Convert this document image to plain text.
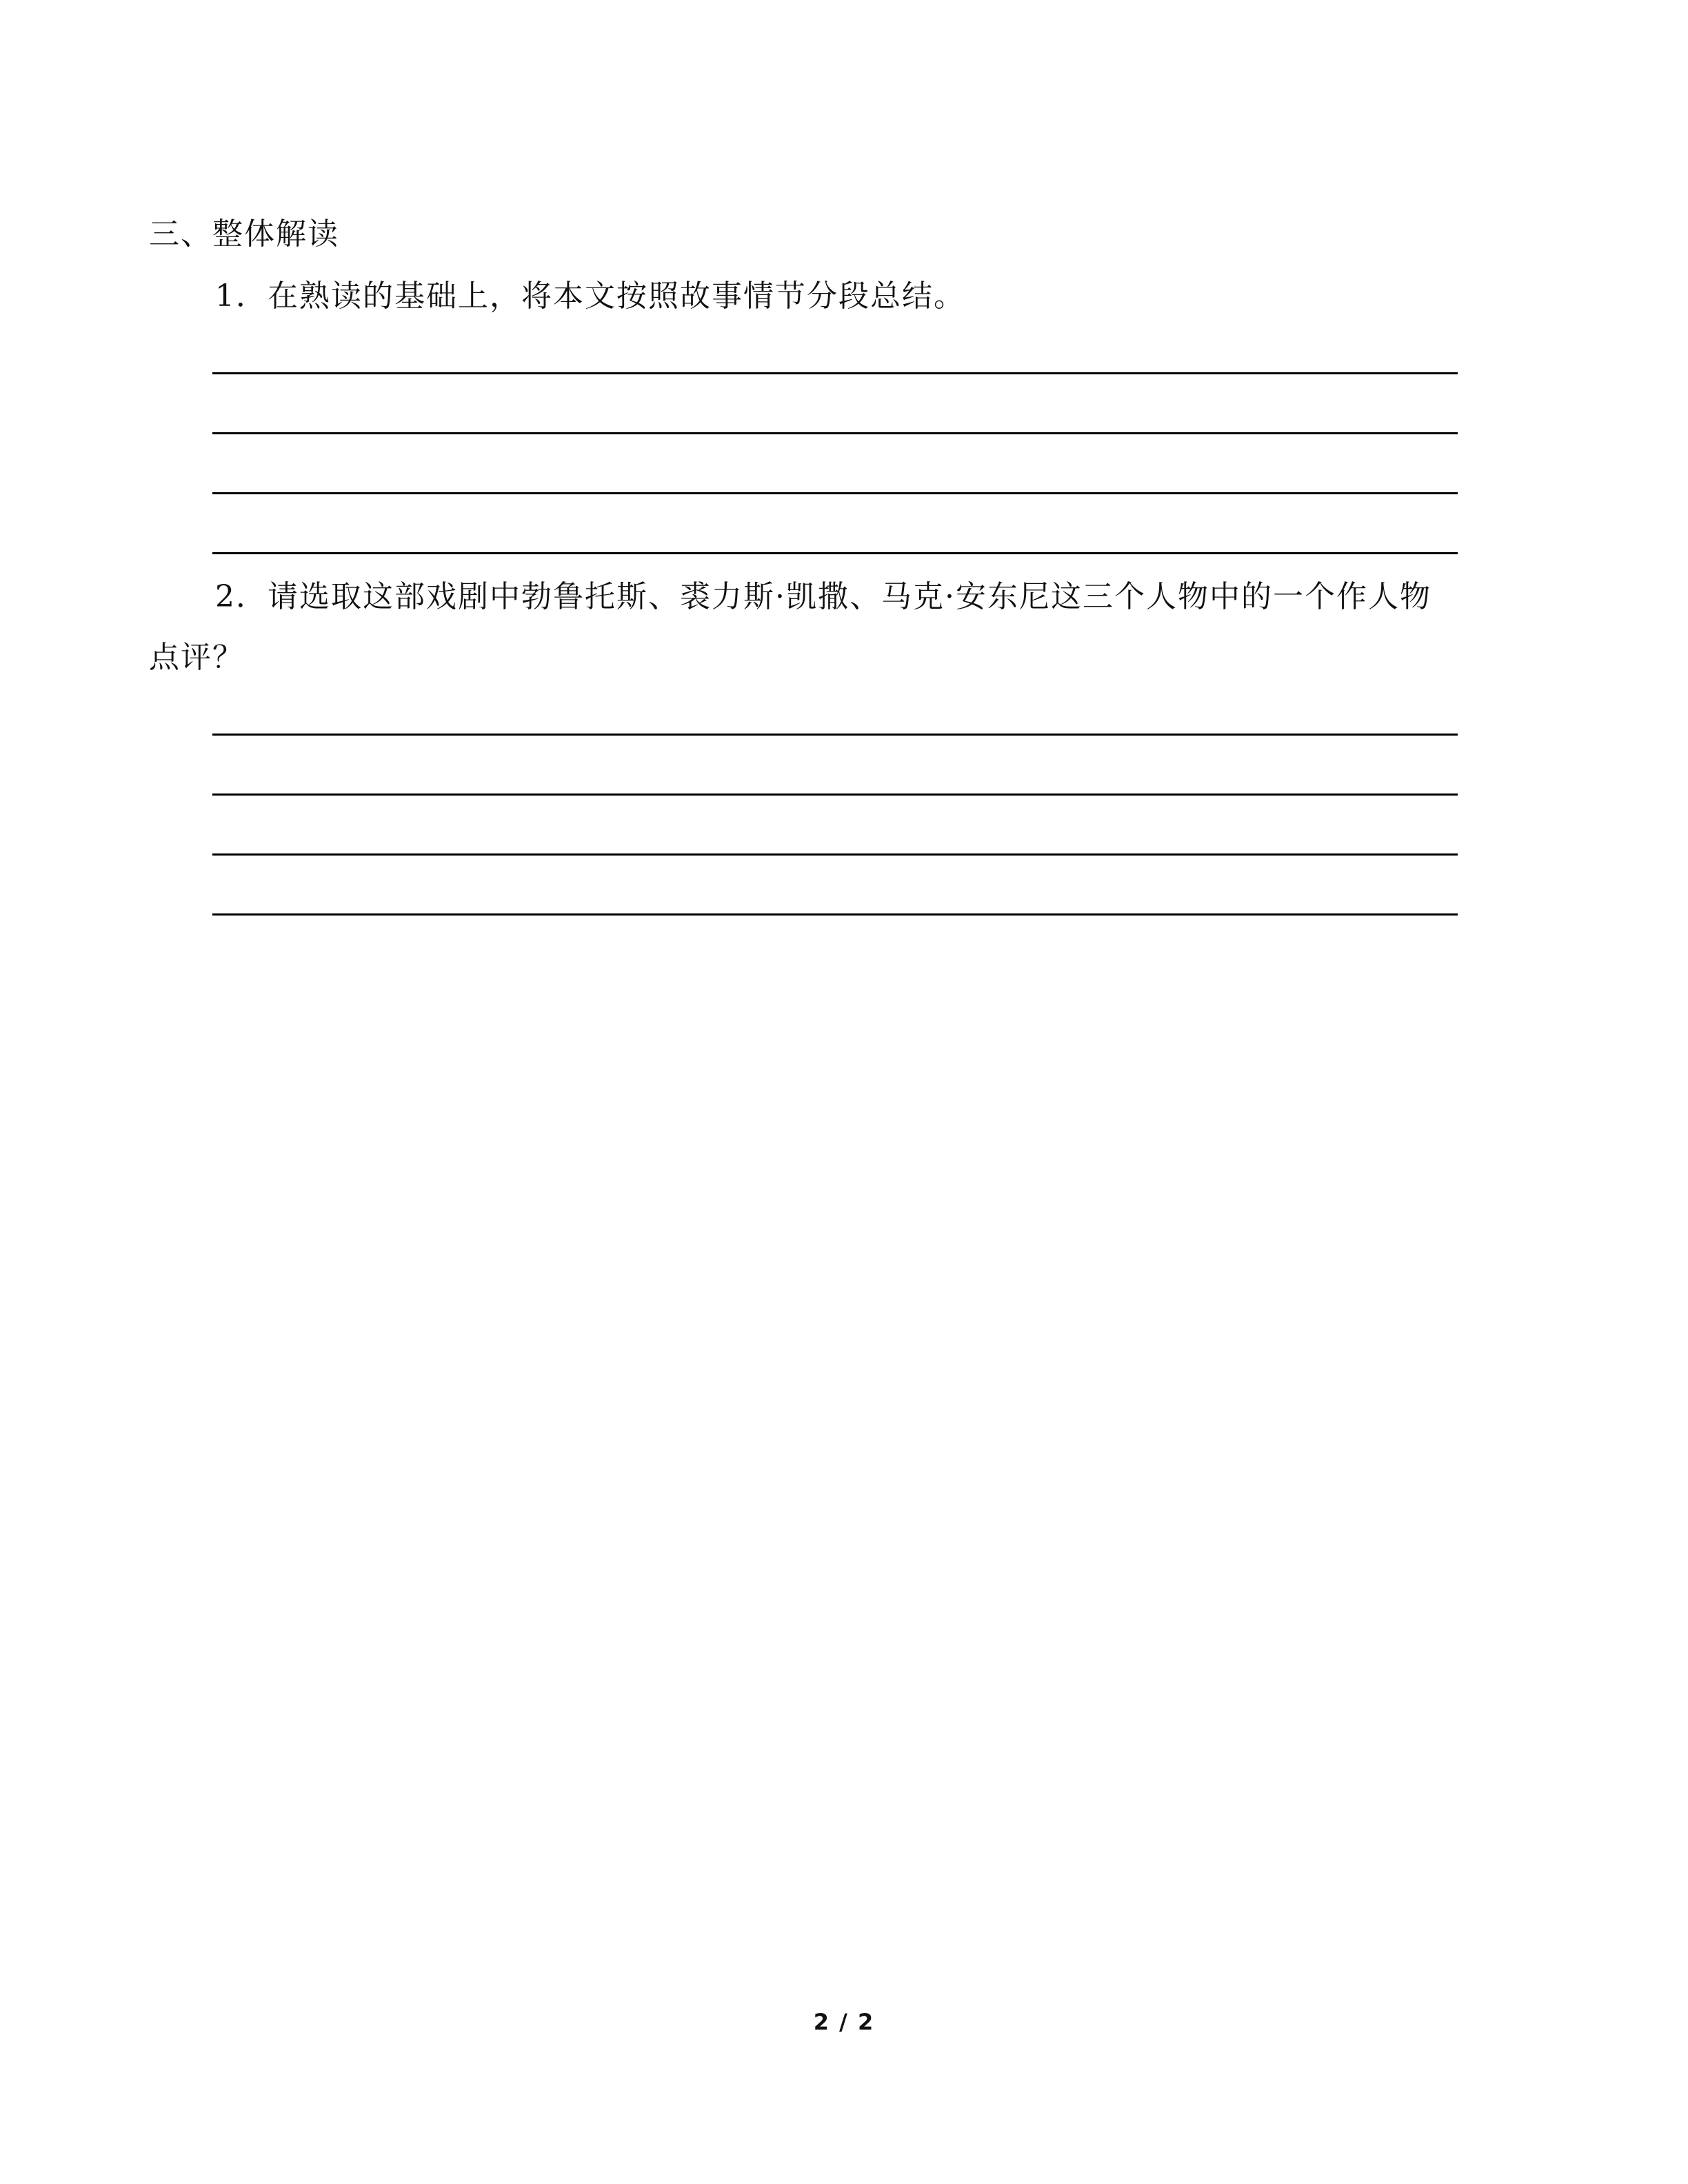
三、整体解读
1．在熟读的基础上，将本文按照故事情节分段总结。
2．请选取这部戏剧中勃鲁托斯、裘力斯·凯撒、马克·安东尼这三个人物中的一个作人物
点评？
2 / 2
